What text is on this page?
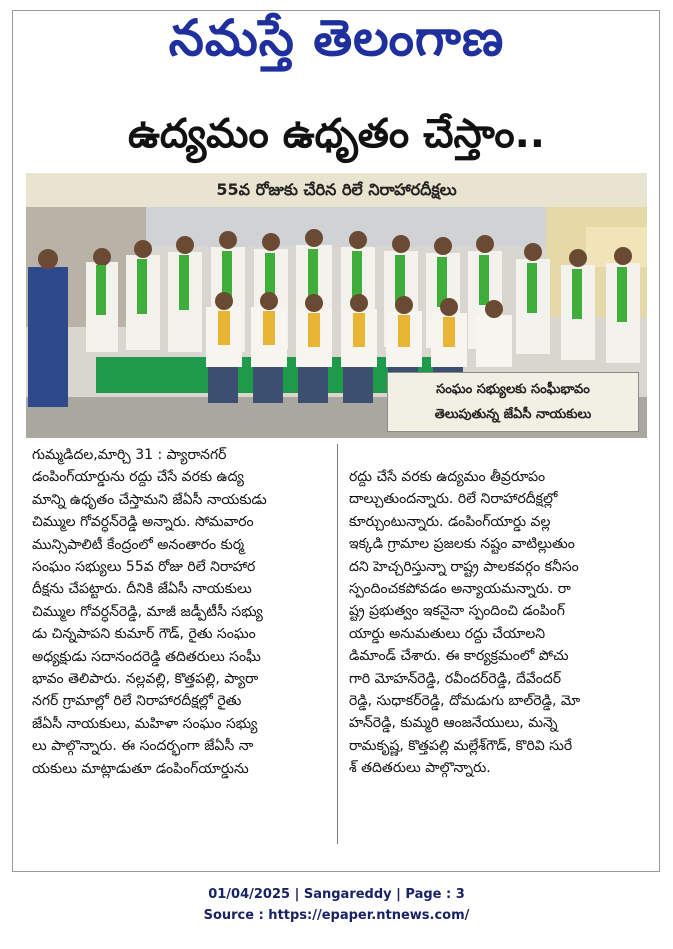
నమస్తే తెలంగాణ
ఉద్యమం ఉధృతం చేస్తాం..
55వ రోజుకు చేరిన రిలే నిరాహారదీక్షలు
సంఘం సభ్యులకు సంఘీభావం
తెలుపుతున్న జేఏసీ నాయకులు

గుమ్మడిదల,మార్చి 31 : ప్యారానగర్

డంపింగ్‌యార్డును రద్దు చేసే వరకు ఉద్య

మాన్ని ఉధృతం చేస్తామని జేఏసీ నాయకుడు

చిమ్ముల గోవర్ధన్‌రెడ్డి అన్నారు. సోమవారం

మున్సిపాలిటీ కేంద్రంలో అనంతారం కుర్మ

సంఘం సభ్యులు 55వ రోజు రిలే నిరాహార

దీక్షను చేపట్టారు. దీనికి జేఏసీ నాయకులు

చిమ్ముల గోవర్ధన్‌రెడ్డి, మాజీ జడ్పీటీసీ సభ్యు

డు చిన్నపాపని కుమార్ గౌడ్, రైతు సంఘం

అధ్యక్షుడు సదానందరెడ్డి తదితరులు సంఘీ

భావం తెలిపారు. నల్లవల్లి, కొత్తపల్లి, ప్యారా

నగర్ గ్రామాల్లో రిలే నిరాహారదీక్షల్లో రైతు

జేఏసీ నాయకులు, మహిళా సంఘం సభ్యు

లు పాల్గొన్నారు. ఈ సందర్భంగా జేఏసీ నా

యకులు మాట్లాడుతూ డంపింగ్‌యార్డును

రద్దు చేసే వరకు ఉద్యమం తీవ్రరూపం

దాల్చుతుందన్నారు. రిలే నిరాహారదీక్షల్లో

కూర్చుంటున్నారు. డంపింగ్‌యార్డు వల్ల

ఇక్కడి గ్రామాల ప్రజలకు నష్టం వాటిల్లుతుం

దని హెచ్చరిస్తున్నా రాష్ట్ర పాలకవర్గం కనీసం

స్పందించకపోవడం అన్యాయమన్నారు. రా

ష్ట్ర ప్రభుత్వం ఇకనైనా స్పందించి డంపింగ్

యార్డు అనుమతులు రద్దు చేయాలని

డిమాండ్ చేశారు. ఈ కార్యక్రమంలో పోచు

గారి మోహన్‌రెడ్డి, రవీందర్‌రెడ్డి, దేవేందర్

రెడ్డి, సుధాకర్‌రెడ్డి, దోమడుగు బాల్‌రెడ్డి, మో

హన్‌రెడ్డి, కుమ్మరి ఆంజనేయులు, మన్నె

రామకృష్ణ, కొత్తపల్లి మల్లేశ్‌గౌడ్, కొరివి సురే

శ్ తదితరులు పాల్గొన్నారు.

01/04/2025 | Sangareddy | Page : 3
Source : https://epaper.ntnews.com/
